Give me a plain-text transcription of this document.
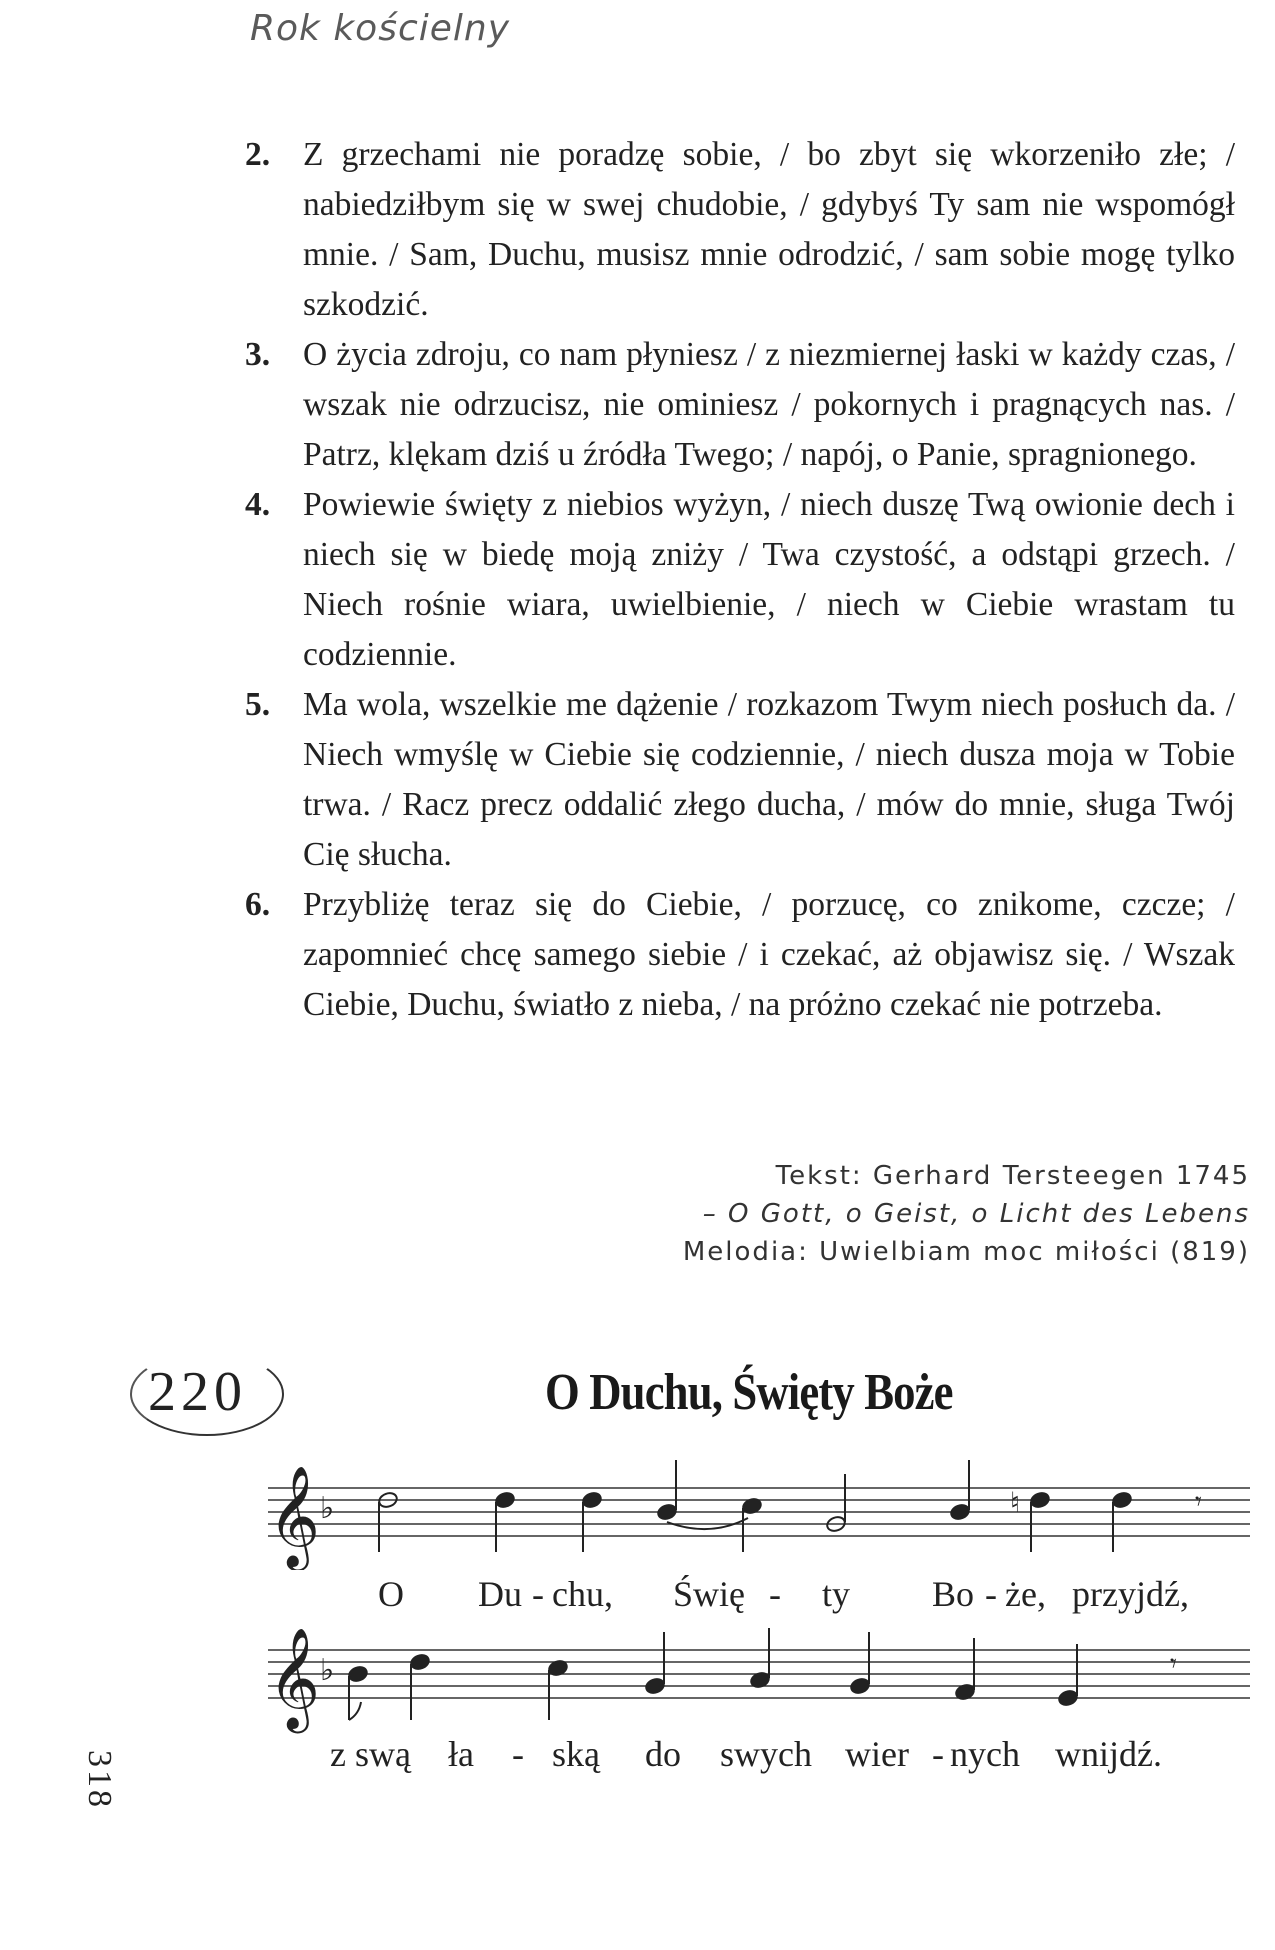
Rok kościelny
2. Z grzechami nie poradzę sobie, / bo zbyt się wkorzeniło złe; / nabiedziłbym się w swej chudobie, / gdybyś Ty sam nie wspomógł mnie. / Sam, Duchu, musisz mnie odrodzić, / sam sobie mogę tylko szkodzić.
3. O życia zdroju, co nam płyniesz / z niezmiernej łaski w każdy czas, / wszak nie odrzucisz, nie ominiesz / pokornych i pragnących nas. / Patrz, klękam dziś u źródła Twego; / napój, o Panie, spragnionego.
4. Powiewie święty z niebios wyżyn, / niech duszę Twą owionie dech i niech się w biedę moją zniży / Twa czystość, a odstąpi grzech. / Niech rośnie wiara, uwielbienie, / niech w Ciebie wrastam tu codziennie.
5. Ma wola, wszelkie me dążenie / rozkazom Twym niech posłuch da. / Niech wmyślę w Ciebie się codziennie, / niech dusza moja w Tobie trwa. / Racz precz oddalić złego ducha, / mów do mnie, sługa Twój Cię słucha.
6. Przybliżę teraz się do Ciebie, / porzucę, co znikome, czcze; / zapomnieć chcę samego siebie / i czekać, aż objawisz się. / Wszak Ciebie, Duchu, światło z nieba, / na próżno czekać nie potrzeba.
Tekst: Gerhard Tersteegen 1745
– O Gott, o Geist, o Licht des Lebens
Melodia: Uwielbiam moc miłości (819)
220	O Duchu, Święty Boże
𝄞 ♭	♮	𝄾
O Du - chu, Świę - ty Bo - że, przyjdź,
𝄞 ♭	𝄾
z swą ła - ską do swych wier - nych wnijdź.
318
